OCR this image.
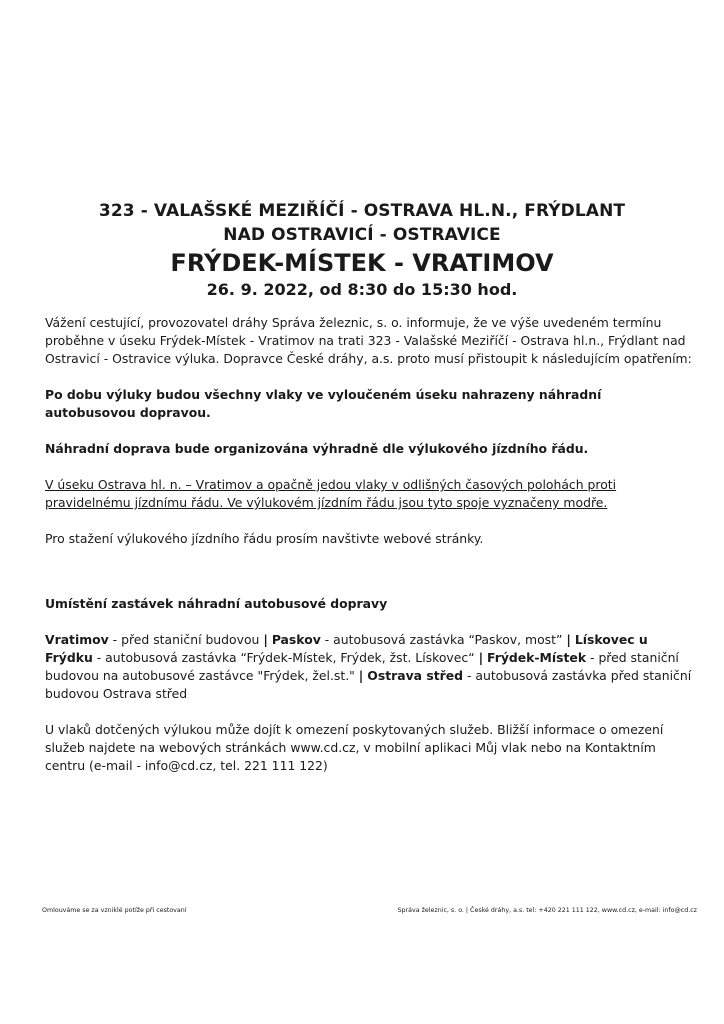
323 - VALAŠSKÉ MEZIŘÍČÍ - OSTRAVA HL.N., FRÝDLANT
NAD OSTRAVICÍ - OSTRAVICE
FRÝDEK-MÍSTEK - VRATIMOV
26. 9. 2022, od 8:30 do 15:30 hod.

Vážení cestující, provozovatel dráhy Správa železnic, s. o. informuje, že ve výše uvedeném termínu proběhne v úseku Frýdek-Místek - Vratimov na trati 323 - Valašské Meziříčí - Ostrava hl.n., Frýdlant nad Ostravicí - Ostravice výluka. Dopravce České dráhy, a.s. proto musí přistoupit k následujícím opatřením:

Po dobu výluky budou všechny vlaky ve vyloučeném úseku nahrazeny náhradní autobusovou dopravou.

Náhradní doprava bude organizována výhradně dle výlukového jízdního řádu.

V úseku Ostrava hl. n. – Vratimov a opačně jedou vlaky v odlišných časových polohách proti pravidelnému jízdnímu řádu. Ve výlukovém jízdním řádu jsou tyto spoje vyznačeny modře.

Pro stažení výlukového jízdního řádu prosím navštivte webové stránky.

Umístění zastávek náhradní autobusové dopravy

Vratimov - před staniční budovou | Paskov - autobusová zastávka “Paskov, most” | Lískovec u Frýdku - autobusová zastávka “Frýdek-Místek, Frýdek, žst. Lískovec“ | Frýdek-Místek - před staniční budovou na autobusové zastávce "Frýdek, žel.st." | Ostrava střed - autobusová zastávka před staniční budovou Ostrava střed

U vlaků dotčených výlukou může dojít k omezení poskytovaných služeb. Bližší informace o omezení služeb najdete na webových stránkách www.cd.cz, v mobilní aplikaci Můj vlak nebo na Kontaktním centru (e-mail - info@cd.cz, tel. 221 111 122)

Omlouváme se za vzniklé potíže při cestovaní	Správa železnic, s. o. | České dráhy, a.s. tel: +420 221 111 122, www.cd.cz, e-mail: info@cd.cz
